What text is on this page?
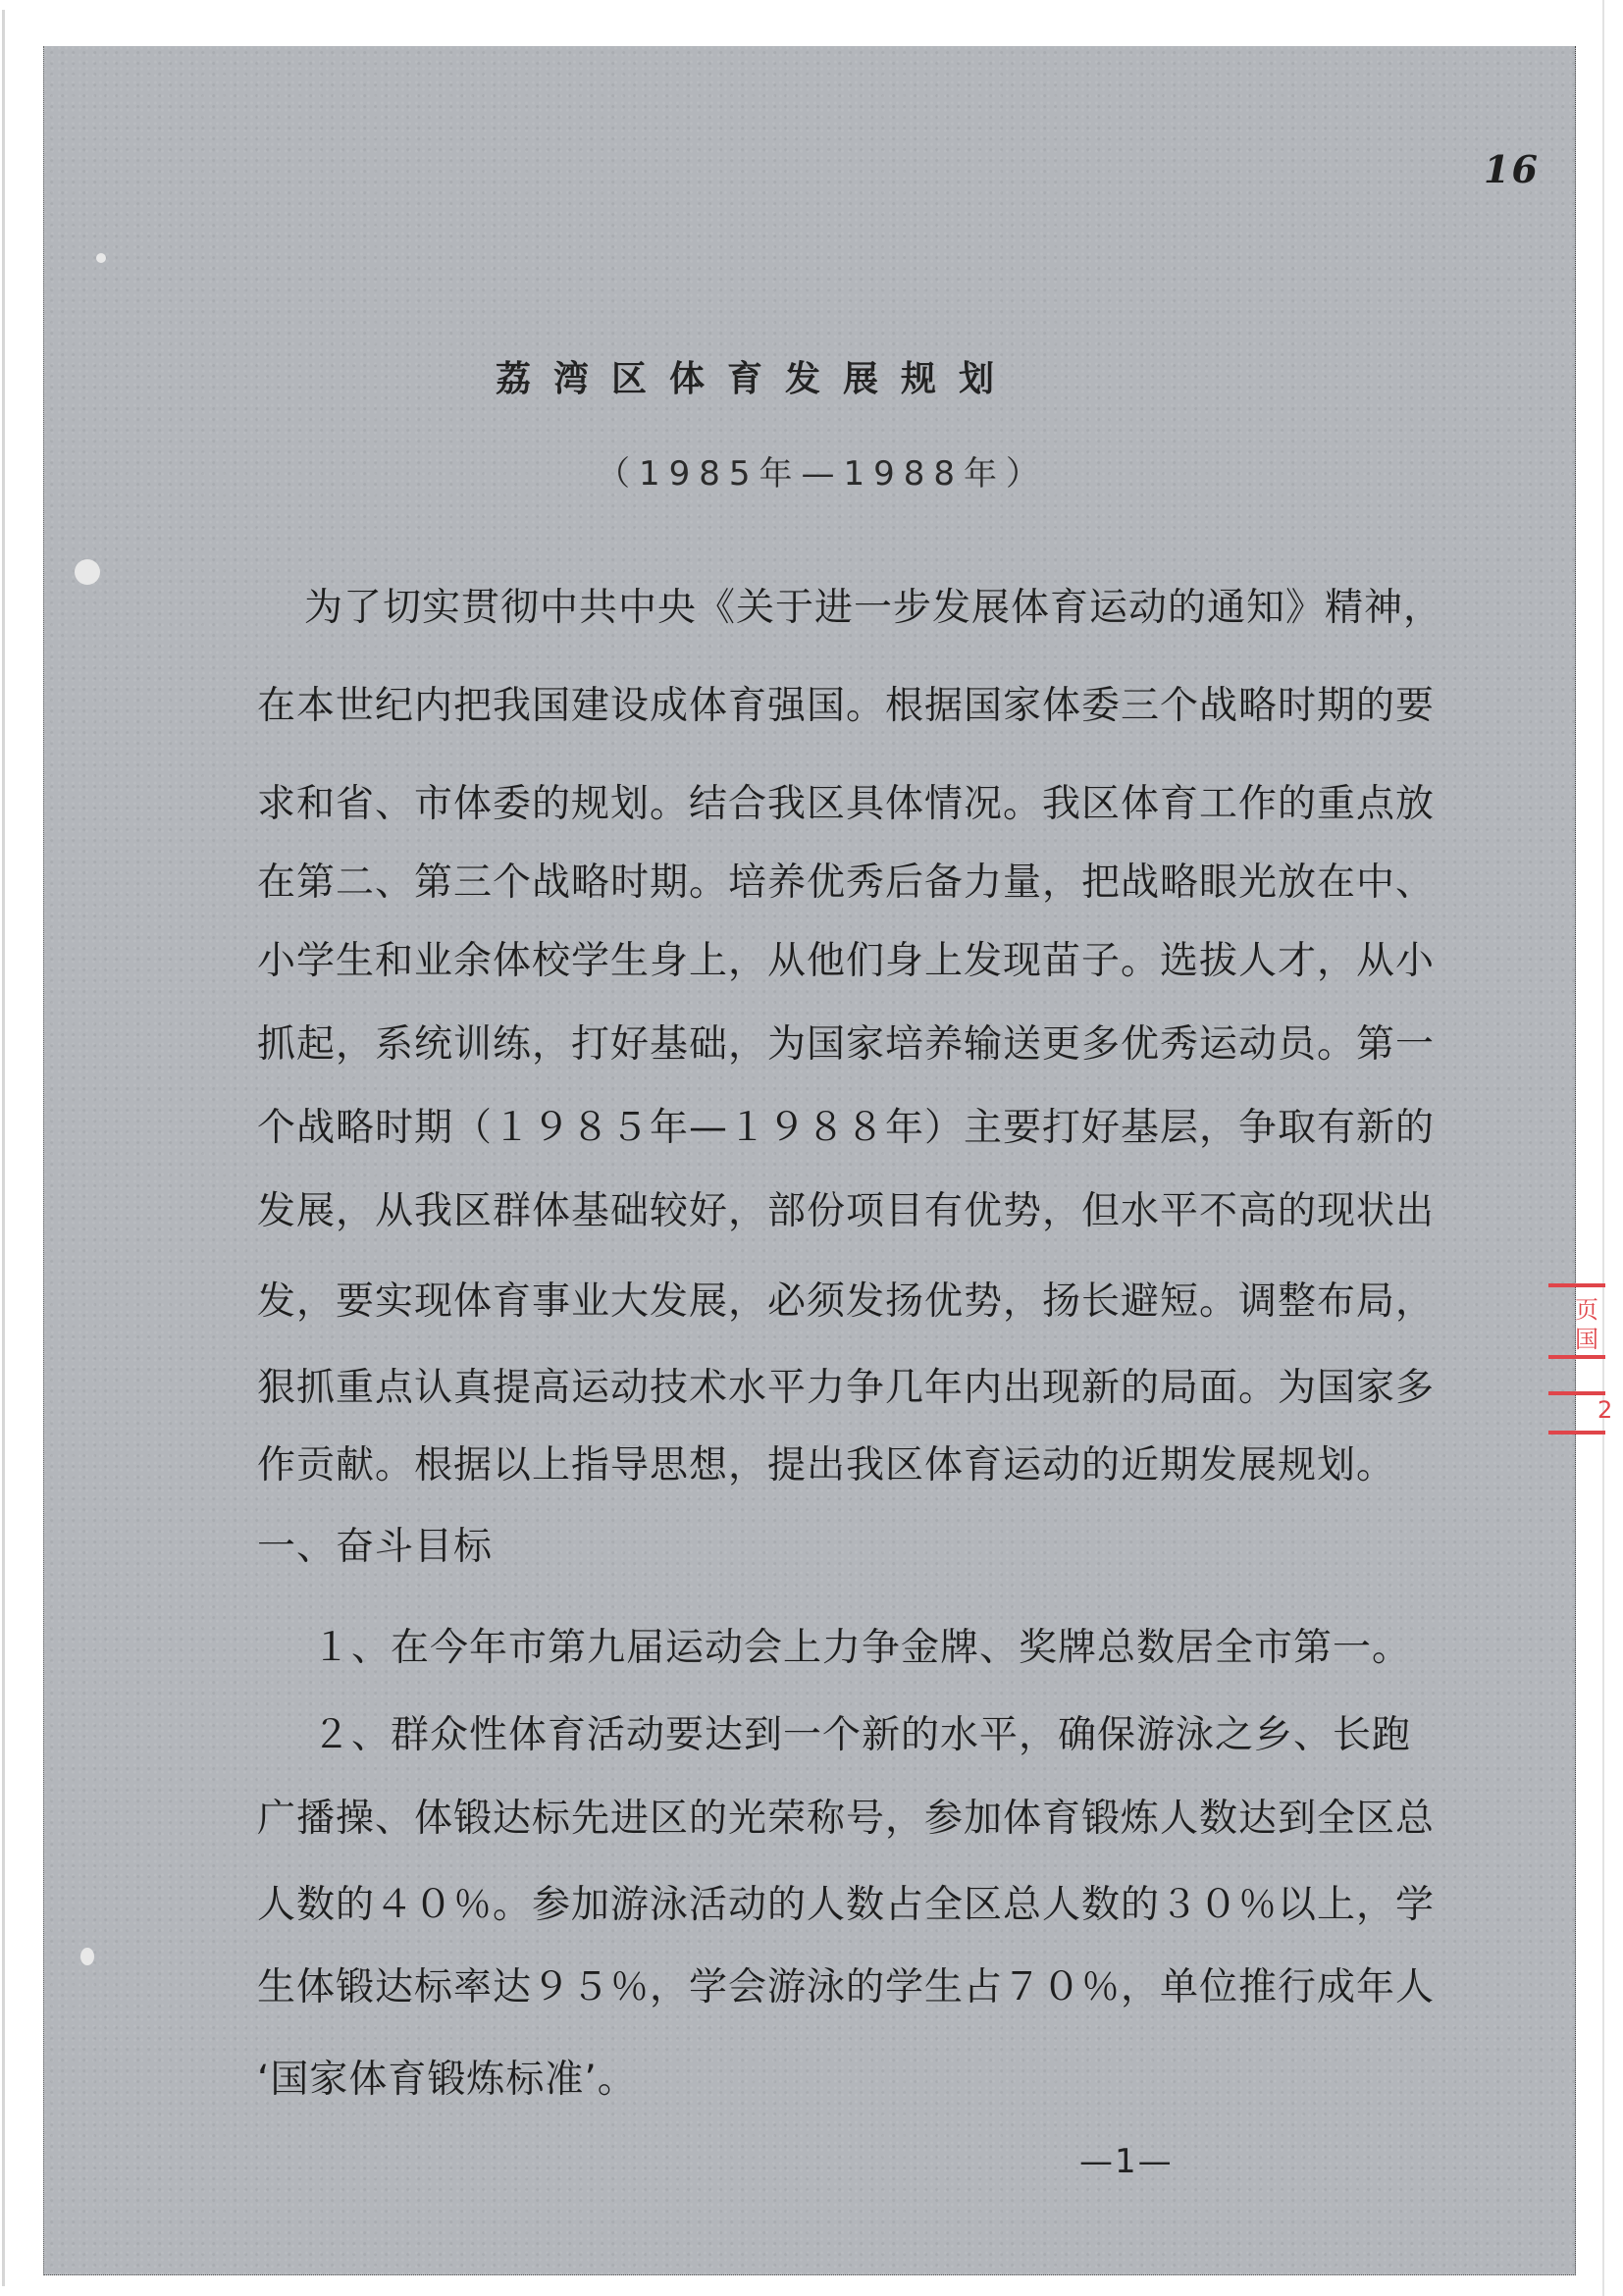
16
荔湾区体育发展规划
（1985年—1988年）
为了切实贯彻中共中央《关于进一步发展体育运动的通知》精神，
在本世纪内把我国建设成体育强国。根据国家体委三个战略时期的要
求和省、市体委的规划。结合我区具体情况。我区体育工作的重点放
在第二、第三个战略时期。培养优秀后备力量，把战略眼光放在中、
小学生和业余体校学生身上，从他们身上发现苗子。选拔人才，从小
抓起，系统训练，打好基础，为国家培养输送更多优秀运动员。第一
个战略时期（１９８５年—１９８８年）主要打好基层，争取有新的
发展，从我区群体基础较好，部份项目有优势，但水平不高的现状出
发，要实现体育事业大发展，必须发扬优势，扬长避短。调整布局，
狠抓重点认真提高运动技术水平力争几年内出现新的局面。为国家多
作贡献。根据以上指导思想，提出我区体育运动的近期发展规划。
一、奋斗目标
１、在今年市第九届运动会上力争金牌、奖牌总数居全市第一。
２、群众性体育活动要达到一个新的水平，确保游泳之乡、长跑
广播操、体锻达标先进区的光荣称号，参加体育锻炼人数达到全区总
人数的４０％。参加游泳活动的人数占全区总人数的３０％以上，学
生体锻达标率达９５％，学会游泳的学生占７０％，单位推行成年人
‘国家体育锻炼标准’。
—1—
页
国
2
